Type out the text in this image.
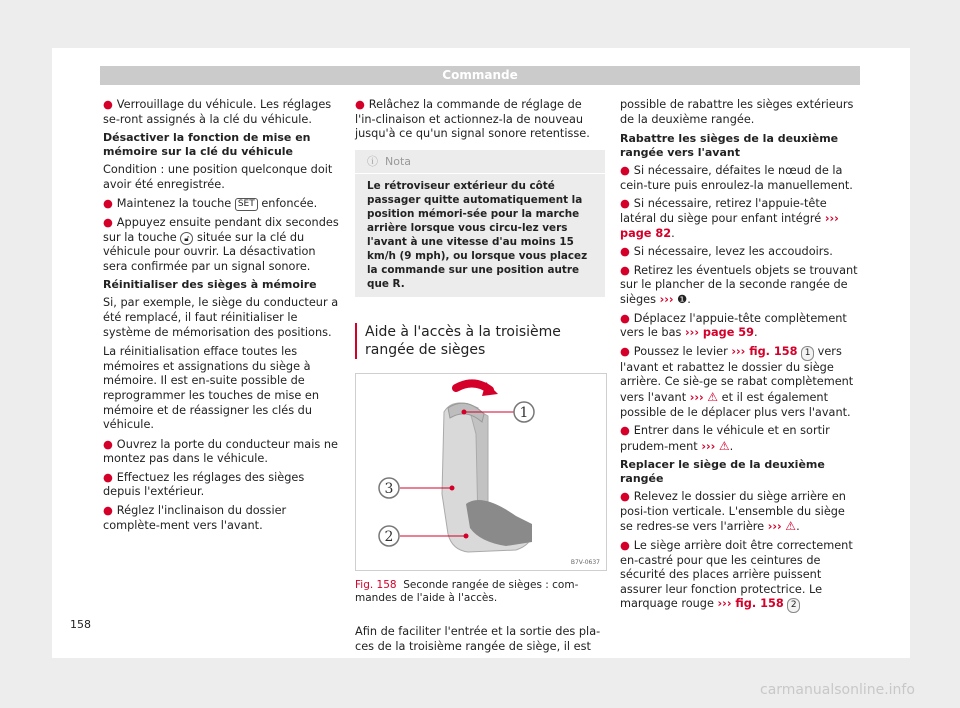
Commande

● Verrouillage du véhicule. Les réglages se-ront assignés à la clé du véhicule.

Désactiver la fonction de mise en mémoire sur la clé du véhicule

Condition : une position quelconque doit avoir été enregistrée.

● Maintenez la touche SET enfoncée.

● Appuyez ensuite pendant dix secondes sur la touche 🔓︎ située sur la clé du véhicule pour ouvrir. La désactivation sera confirmée par un signal sonore.

Réinitialiser des sièges à mémoire

Si, par exemple, le siège du conducteur a été remplacé, il faut réinitialiser le système de mémorisation des positions.

La réinitialisation efface toutes les mémoires et assignations du siège à mémoire. Il est en-suite possible de reprogrammer les touches de mise en mémoire et de réassigner les clés du véhicule.

● Ouvrez la porte du conducteur mais ne montez pas dans le véhicule.

● Effectuez les réglages des sièges depuis l'extérieur.

● Réglez l'inclinaison du dossier complète-ment vers l'avant.

● Relâchez la commande de réglage de l'in-clinaison et actionnez-la de nouveau jusqu'à ce qu'un signal sonore retentisse.

ⓘ Nota
Le rétroviseur extérieur du côté passager quitte automatiquement la position mémori-sée pour la marche arrière lorsque vous circu-lez vers l'avant à une vitesse d'au moins 15 km/h (9 mph), ou lorsque vous placez la commande sur une position autre que R.
Aide à l'accès à la troisième rangée de sièges
1
3
2
B7V-0637
Fig. 158 Seconde rangée de sièges : com-mandes de l'aide à l'accès.

Afin de faciliter l'entrée et la sortie des pla-ces de la troisième rangée de siège, il est

possible de rabattre les sièges extérieurs de la deuxième rangée.

Rabattre les sièges de la deuxième rangée vers l'avant

● Si nécessaire, défaites le nœud de la cein-ture puis enroulez-la manuellement.

● Si nécessaire, retirez l'appuie-tête latéral du siège pour enfant intégré ››› page 82.

● Si nécessaire, levez les accoudoirs.

● Retirez les éventuels objets se trouvant sur le plancher de la seconde rangée de sièges ››› ❶.

● Déplacez l'appuie-tête complètement vers le bas ››› page 59.

● Poussez le levier ››› fig. 158 1 vers l'avant et rabattez le dossier du siège arrière. Ce siè-ge se rabat complètement vers l'avant ››› ⚠ et il est également possible de le déplacer plus vers l'avant.

● Entrer dans le véhicule et en sortir prudem-ment ››› ⚠.

Replacer le siège de la deuxième rangée

● Relevez le dossier du siège arrière en posi-tion verticale. L'ensemble du siège se redres-se vers l'arrière ››› ⚠.

● Le siège arrière doit être correctement en-castré pour que les ceintures de sécurité des places arrière puissent assurer leur fonction protectrice. Le marquage rouge ››› fig. 158 2

158
carmanualsonline.info
